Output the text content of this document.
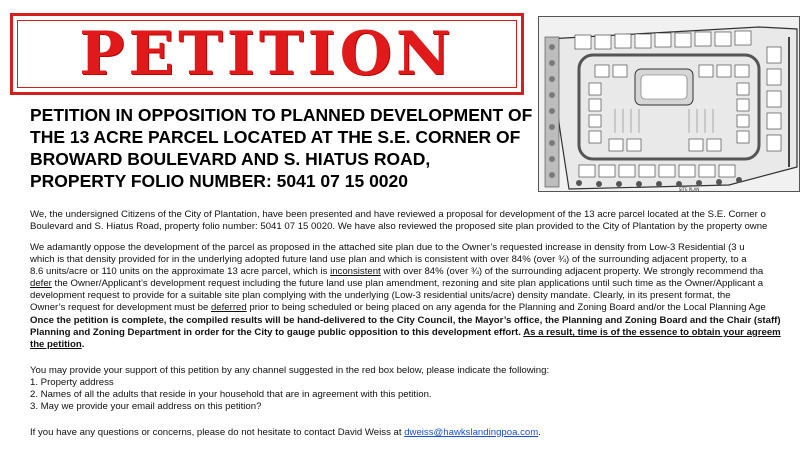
PETITION
PETITION IN OPPOSITION TO PLANNED DEVELOPMENT OF
THE 13 ACRE PARCEL LOCATED AT THE S.E. CORNER OF
BROWARD BOULEVARD AND S. HIATUS ROAD,
PROPERTY FOLIO NUMBER: 5041 07 15 0020	SITE PLAN
We, the undersigned Citizens of the City of Plantation, have been presented and have reviewed a proposal for development of the 13 acre parcel located at the S.E. Corner o
Boulevard and S. Hiatus Road, property folio number: 5041 07 15 0020. We have also reviewed the proposed site plan provided to the City of Plantation by the property owne
We adamantly oppose the development of the parcel as proposed in the attached site plan due to the Owner’s requested increase in density from Low-3 Residential (3 u
which is that density provided for in the underlying adopted future land use plan and which is consistent with over 84% (over ¾) of the surrounding adjacent property, to a
8.6 units/acre or 110 units on the approximate 13 acre parcel, which is inconsistent with over 84% (over ¾) of the surrounding adjacent property. We strongly recommend tha
defer the Owner/Applicant’s development request including the future land use plan amendment, rezoning and site plan applications until such time as the Owner/Applicant a
development request to provide for a suitable site plan complying with the underlying (Low-3 residential units/acre) density mandate. Clearly, in its present format, the
Owner’s request for development must be deferred prior to being scheduled or being placed on any agenda for the Planning and Zoning Board and/or the Local Planning Age
Once the petition is complete, the compiled results will be hand-delivered to the City Council, the Mayor’s office, the Planning and Zoning Board and the Chair (staff)
Planning and Zoning Department in order for the City to gauge public opposition to this development effort. As a result, time is of the essence to obtain your agreem
the petition.
You may provide your support of this petition by any channel suggested in the red box below, please indicate the following:
1. Property address
2. Names of all the adults that reside in your household that are in agreement with this petition.
3. May we provide your email address on this petition?
If you have any questions or concerns, please do not hesitate to contact David Weiss at dweiss@hawkslandingpoa.com.
